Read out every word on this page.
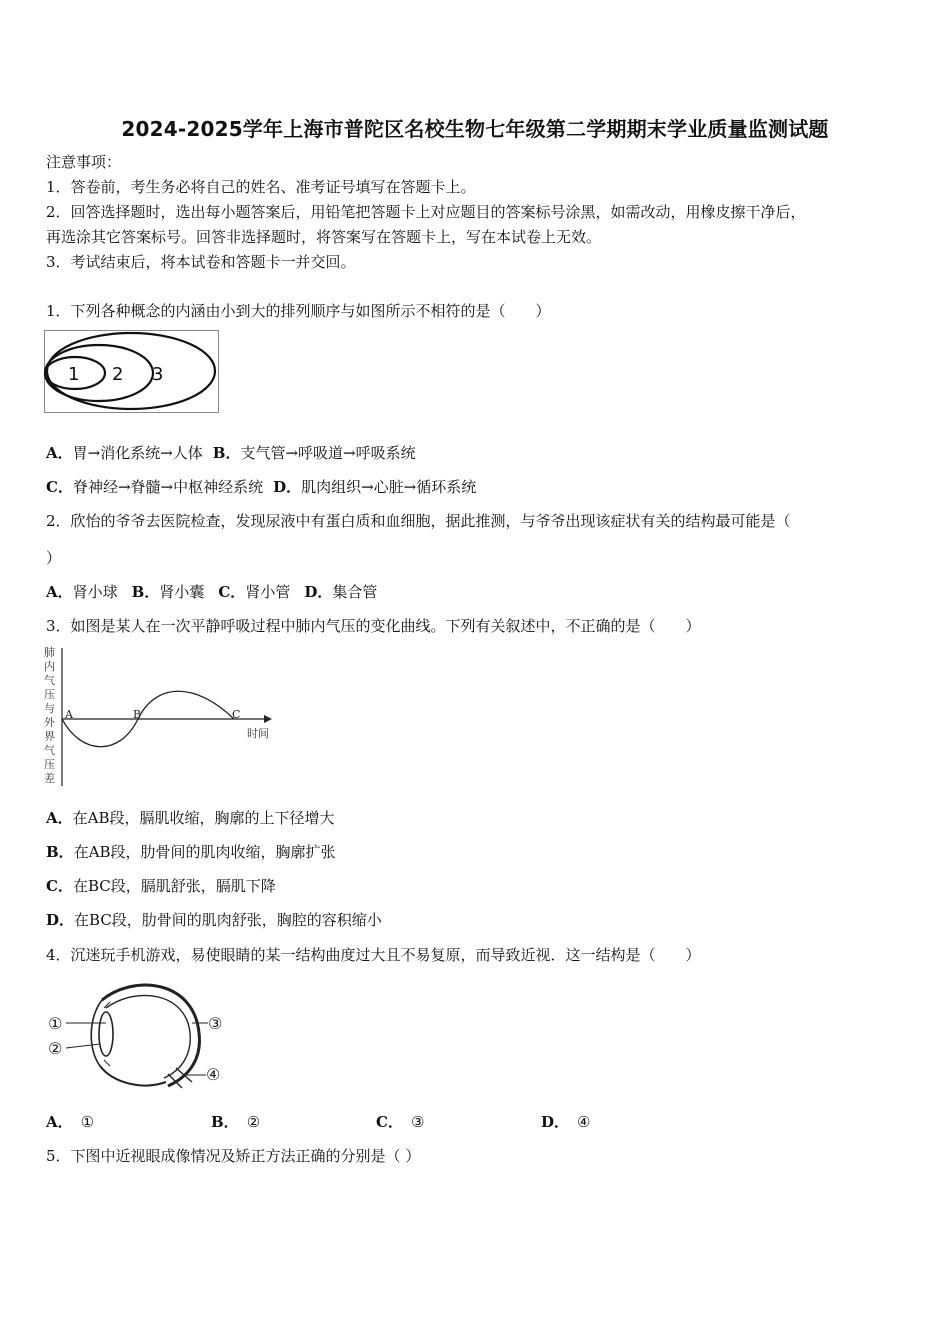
2024-2025学年上海市普陀区名校生物七年级第二学期期末学业质量监测试题
注意事项：
1．答卷前，考生务必将自己的姓名、准考证号填写在答题卡上。
2．回答选择题时，选出每小题答案后，用铅笔把答题卡上对应题目的答案标号涂黑，如需改动，用橡皮擦干净后，
再选涂其它答案标号。回答非选择题时，将答案写在答题卡上，写在本试卷上无效。
3．考试结束后，将本试卷和答题卡一并交回。
1．下列各种概念的内涵由小到大的排列顺序与如图所示不相符的是（　　）
1 2 3
A．胃→消化系统→人体 B．支气管→呼吸道→呼吸系统
C．脊神经→脊髓→中枢神经系统 D．肌肉组织→心脏→循环系统
2．欣怡的爷爷去医院检查，发现尿液中有蛋白质和血细胞，据此推测，与爷爷出现该症状有关的结构最可能是（
）
A．肾小球 B．肾小囊 C．肾小管 D．集合管
3．如图是某人在一次平静呼吸过程中肺内气压的变化曲线。下列有关叙述中，不正确的是（　　）
肺
内
气
压
与
外
界
气
压
差
A	B	C
时间
A．在AB段，膈肌收缩，胸廓的上下径增大
B．在AB段，肋骨间的肌肉收缩，胸廓扩张
C．在BC段，膈肌舒张，膈肌下降
D．在BC段，肋骨间的肌肉舒张，胸腔的容积缩小
4．沉迷玩手机游戏，易使眼睛的某一结构曲度过大且不易复原，而导致近视．这一结构是（　　）
①
②
③
④
A． ①	B． ②	C． ③	D． ④
5．下图中近视眼成像情况及矫正方法正确的分别是（ ）
